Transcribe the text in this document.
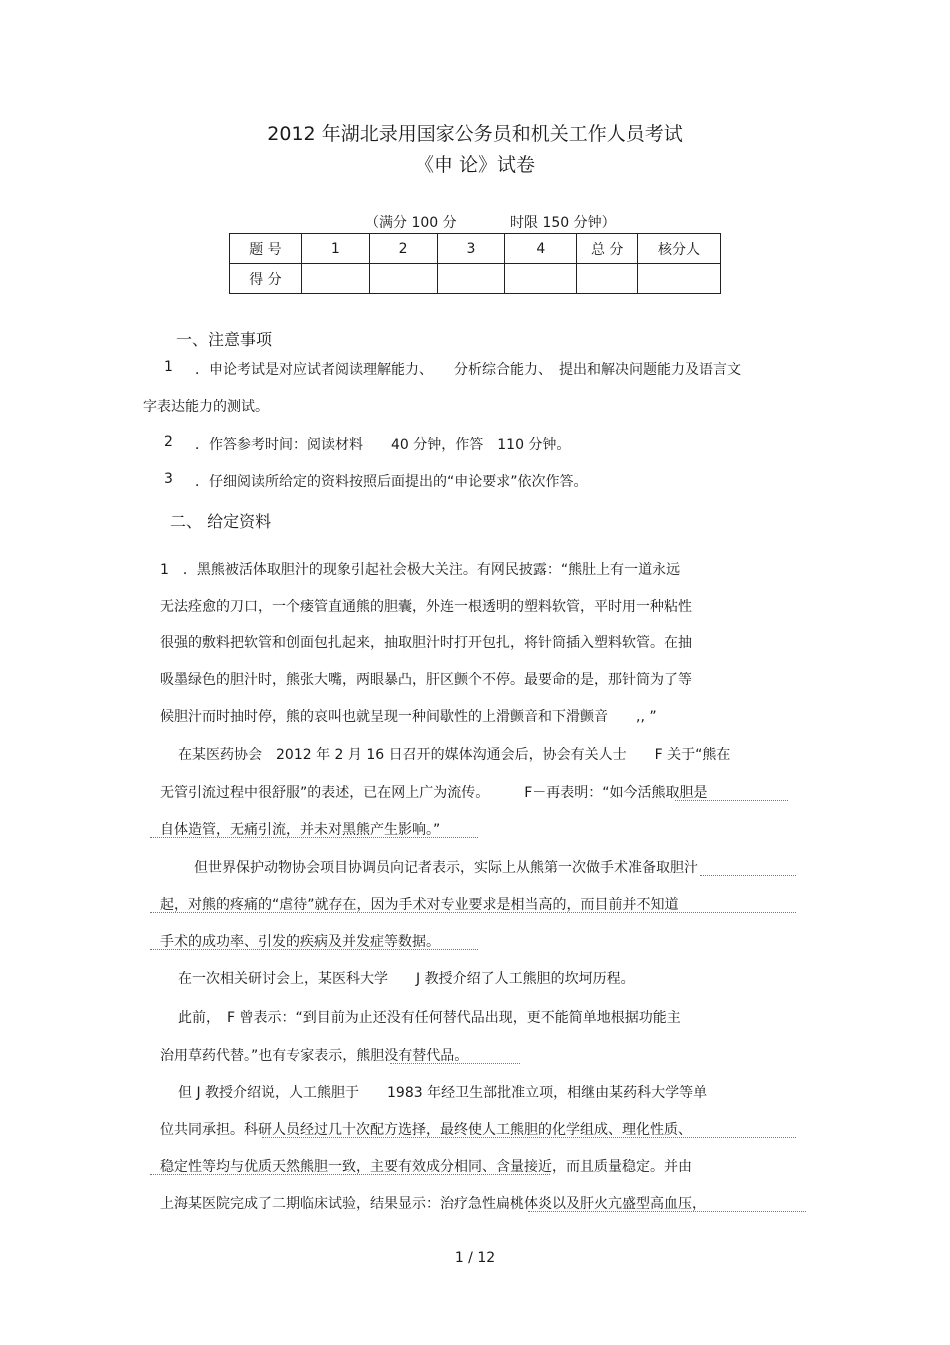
2012 年湖北录用国家公务员和机关工作人员考试
《申 论》试卷
（满分 100 分	时限 150 分钟）
题 号	1	2	3	4	总 分	核分人
得 分						
一、注意事项
1 ．申论考试是对应试者阅读理解能力、　　分析综合能力、　提出和解决问题能力及语言文
字表达能力的测试。
2 ．作答参考时间：阅读材料　　40 分钟，作答　110 分钟。
3 ．仔细阅读所给定的资料按照后面提出的“申论要求”依次作答。
二、 给定资料
1　．黑熊被活体取胆汁的现象引起社会极大关注。有网民披露：“熊肚上有一道永远
无法痊愈的刀口，一个瘘管直通熊的胆囊，外连一根透明的塑料软管，平时用一种粘性
很强的敷料把软管和创面包扎起来，抽取胆汁时打开包扎，将针筒插入塑料软管。在抽
吸墨绿色的胆汁时，熊张大嘴，两眼暴凸，肝区颤个不停。最要命的是，那针筒为了等
候胆汁而时抽时停，熊的哀叫也就呈现一种间歇性的上滑颤音和下滑颤音　　,, ”
在某医药协会　2012 年 2 月 16 日召开的媒体沟通会后，协会有关人士　　F 关于“熊在
无管引流过程中很舒服”的表述，已在网上广为流传。　　　F－再表明：“如今活熊取胆是
自体造管，无痛引流，并未对黑熊产生影响。”
但世界保护动物协会项目协调员向记者表示，实际上从熊第一次做手术准备取胆汁
起，对熊的疼痛的“虐待”就存在，因为手术对专业要求是相当高的，而目前并不知道
手术的成功率、引发的疾病及并发症等数据。
在一次相关研讨会上，某医科大学　　J 教授介绍了人工熊胆的坎坷历程。
此前，　F 曾表示：“到目前为止还没有任何替代品出现，更不能简单地根据功能主
治用草药代替。”也有专家表示，熊胆没有替代品。
但 J 教授介绍说，人工熊胆于　　1983 年经卫生部批准立项，相继由某药科大学等单
位共同承担。科研人员经过几十次配方选择，最终使人工熊胆的化学组成、理化性质、
稳定性等均与优质天然熊胆一致，主要有效成分相同、含量接近，而且质量稳定。并由
上海某医院完成了二期临床试验，结果显示：治疗急性扁桃体炎以及肝火亢盛型高血压，
1 / 12
